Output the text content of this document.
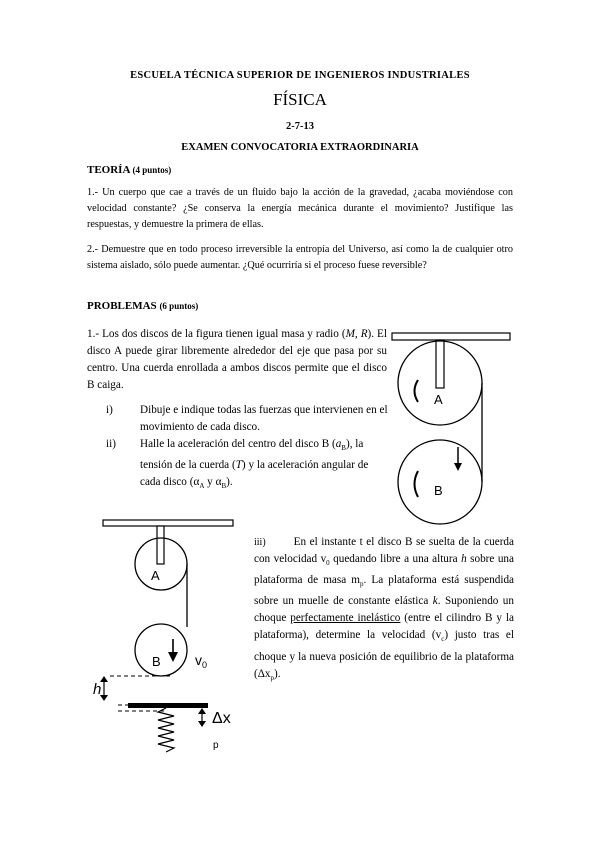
ESCUELA TÉCNICA SUPERIOR DE INGENIEROS INDUSTRIALES
FÍSICA
2-7-13
EXAMEN CONVOCATORIA EXTRAORDINARIA
TEORÍA (4 puntos)
1.- Un cuerpo que cae a través de un fluido bajo la acción de la gravedad, ¿acaba moviéndose con velocidad constante? ¿Se conserva la energía mecánica durante el movimiento? Justifique las respuestas, y demuestre la primera de ellas.
2.- Demuestre que en todo proceso irreversible la entropía del Universo, así como la de cualquier otro sistema aislado, sólo puede aumentar. ¿Qué ocurriría si el proceso fuese reversible?
PROBLEMAS (6 puntos)
1.- Los dos discos de la figura tienen igual masa y radio (M, R). El disco A puede girar libremente alrededor del eje que pasa por su centro. Una cuerda enrollada a ambos discos permite que el disco B caiga.
i) Dibuje e indique todas las fuerzas que intervienen en el movimiento de cada disco.
ii) Halle la aceleración del centro del disco B $(a_B)$, la tensión de la cuerda (T) y la aceleración angular de cada disco ($\alpha_A$ y $\alpha_B$).
iii)	En el instante t el disco B se suelta de la cuerda con velocidad $v_0$ quedando libre a una altura h sobre una plataforma de masa $m_p$. La plataforma está suspendida sobre un muelle de constante elástica k. Suponiendo un choque perfectamente inelástico (entre el cilindro B y la plataforma), determine la velocidad $(v_c)$ justo tras el choque y la nueva posición de equilibrio de la plataforma $(\Delta x_p)$.
A
B
A
B $v_0$
h
Δx
p
